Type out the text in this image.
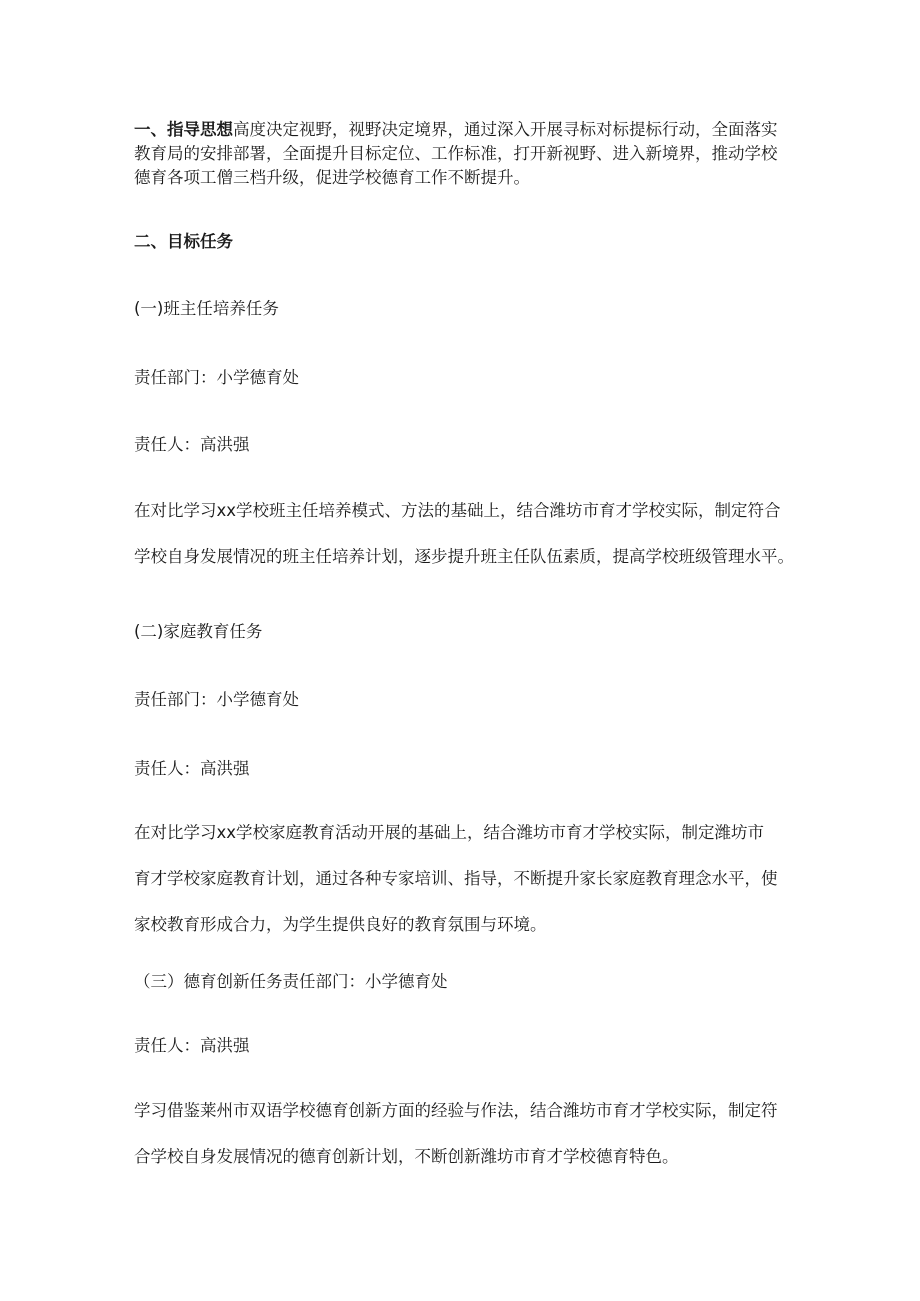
一、指导思想高度决定视野，视野决定境界，通过深入开展寻标对标提标行动，全面落实
教育局的安排部署，全面提升目标定位、工作标准，打开新视野、进入新境界，推动学校
德育各项工僧三档升级，促进学校德育工作不断提升。

二、目标任务

(一)班主任培养任务

责任部门：小学德育处

责任人：高洪强

在对比学习xx学校班主任培养模式、方法的基础上，结合潍坊市育才学校实际，制定符合
学校自身发展情况的班主任培养计划，逐步提升班主任队伍素质，提高学校班级管理水平。

(二)家庭教育任务

责任部门：小学德育处

责任人：高洪强

在对比学习xx学校家庭教育活动开展的基础上，结合潍坊市育才学校实际，制定潍坊市
育才学校家庭教育计划，通过各种专家培训、指导，不断提升家长家庭教育理念水平，使
家校教育形成合力，为学生提供良好的教育氛围与环境。

（三）德育创新任务责任部门：小学德育处

责任人：高洪强

学习借鉴莱州市双语学校德育创新方面的经验与作法，结合潍坊市育才学校实际，制定符
合学校自身发展情况的德育创新计划，不断创新潍坊市育才学校德育特色。
